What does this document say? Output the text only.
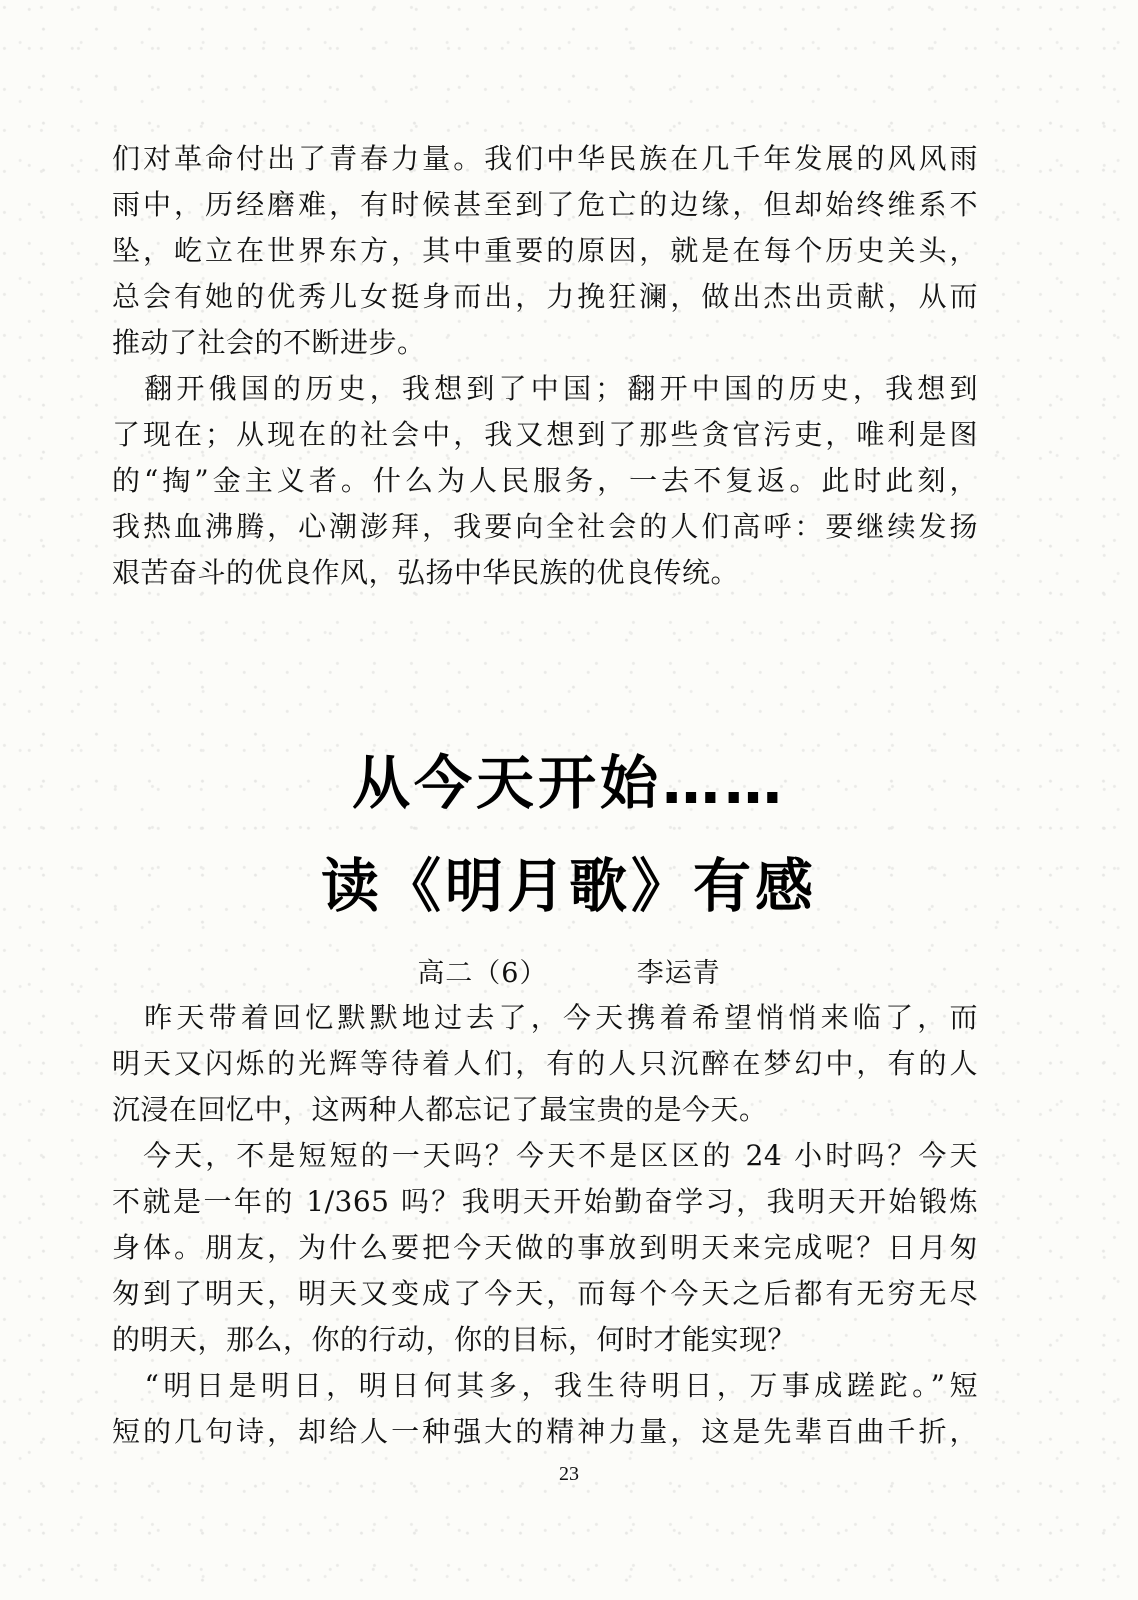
们对革命付出了青春力量。我们中华民族在几千年发展的风风雨
雨中，历经磨难，有时候甚至到了危亡的边缘，但却始终维系不
坠，屹立在世界东方，其中重要的原因，就是在每个历史关头，
总会有她的优秀儿女挺身而出，力挽狂澜，做出杰出贡献，从而
推动了社会的不断进步。
　翻开俄国的历史，我想到了中国；翻开中国的历史，我想到
了现在；从现在的社会中，我又想到了那些贪官污吏，唯利是图
的“掏”金主义者。什么为人民服务，一去不复返。此时此刻，
我热血沸腾，心潮澎拜，我要向全社会的人们高呼：要继续发扬
艰苦奋斗的优良作风，弘扬中华民族的优良传统。
从今天开始……
读《明月歌》有感
高二（6）	李运青
　昨天带着回忆默默地过去了，今天携着希望悄悄来临了，而
明天又闪烁的光辉等待着人们，有的人只沉醉在梦幻中，有的人
沉浸在回忆中，这两种人都忘记了最宝贵的是今天。
　今天，不是短短的一天吗？今天不是区区的 24 小时吗？今天
不就是一年的 1/365 吗？我明天开始勤奋学习，我明天开始锻炼
身体。朋友，为什么要把今天做的事放到明天来完成呢？日月匆
匆到了明天，明天又变成了今天，而每个今天之后都有无穷无尽
的明天，那么，你的行动，你的目标，何时才能实现？
　“明日是明日，明日何其多，我生待明日，万事成蹉跎。”短
短的几句诗，却给人一种强大的精神力量，这是先辈百曲千折，
23
